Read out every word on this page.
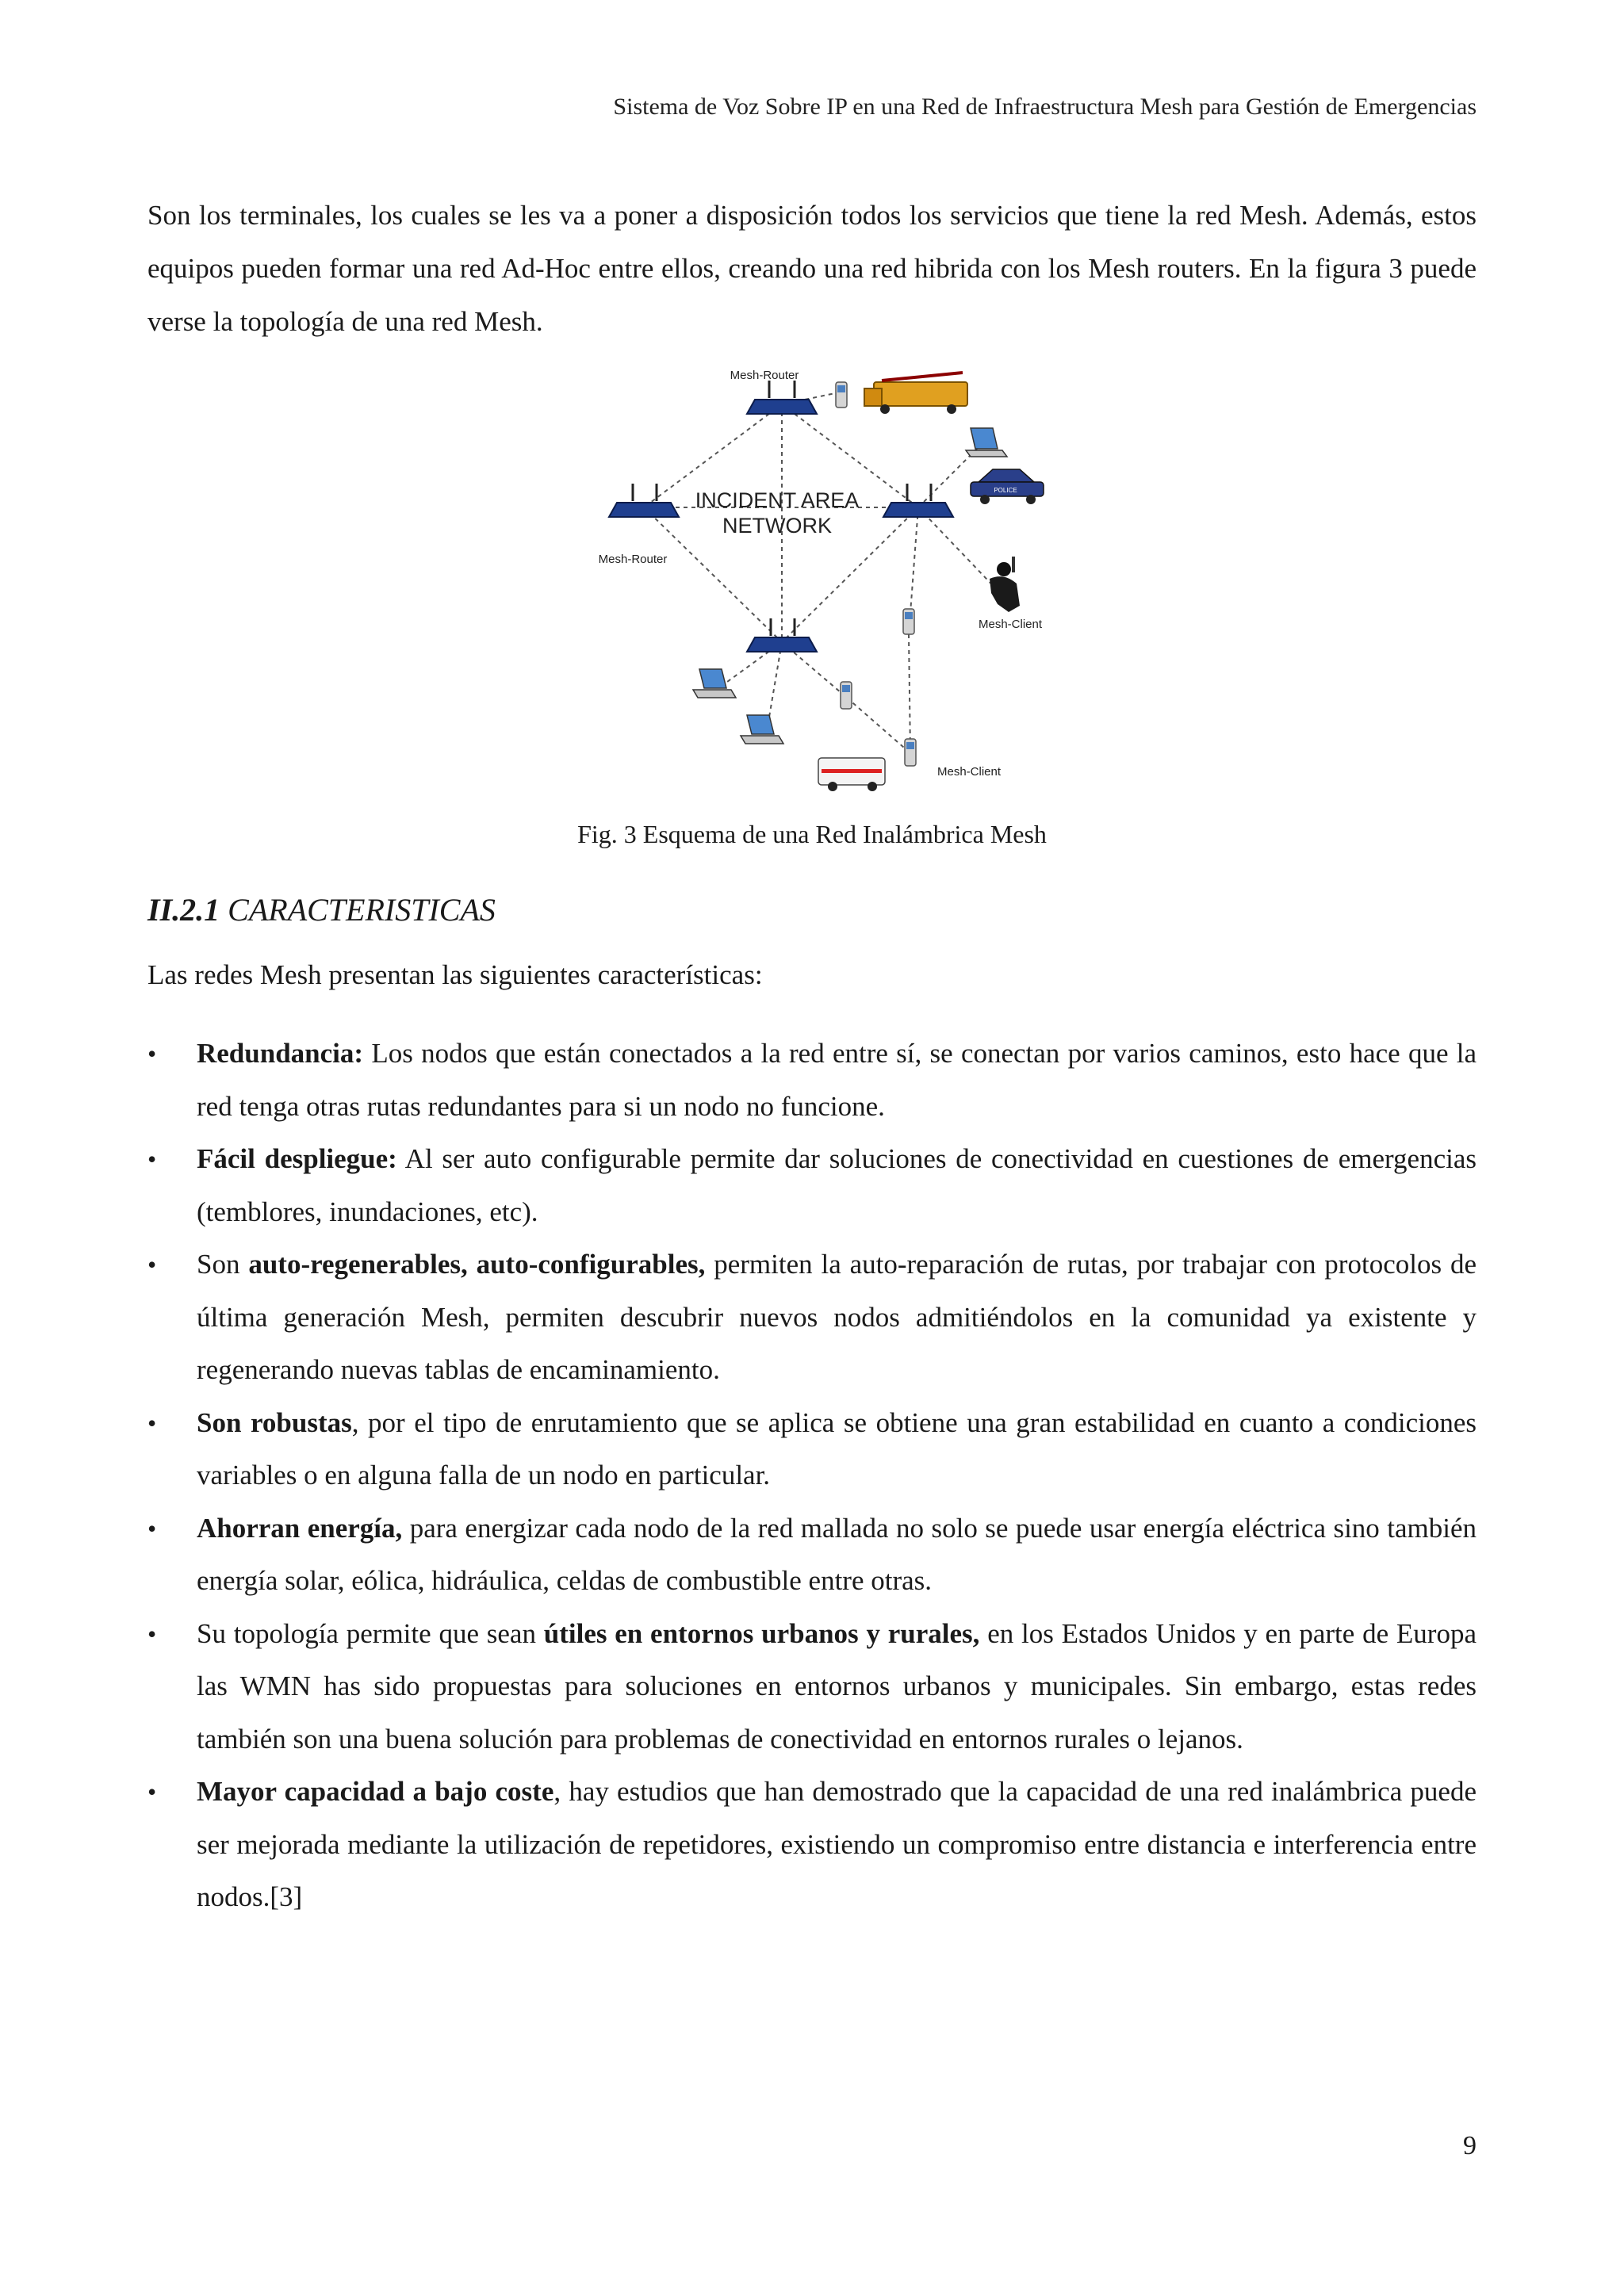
Sistema de Voz Sobre IP en una Red de Infraestructura Mesh para Gestión de Emergencias

Son los terminales, los cuales se les va a poner a disposición todos los servicios que tiene la red Mesh. Además, estos equipos pueden formar una red Ad-Hoc entre ellos, creando una red hibrida con los Mesh routers. En la figura 3 puede verse la topología de una red Mesh.

POLICE
Mesh-Router
Mesh-Router
INCIDENT AREA
NETWORK
Mesh-Client
Mesh-Client
Fig. 3 Esquema de una Red Inalámbrica Mesh
II.2.1 CARACTERISTICAS
Las redes Mesh presentan las siguientes características:
• Redundancia: Los nodos que están conectados a la red entre sí, se conectan por varios caminos, esto hace que la red tenga otras rutas redundantes para si un nodo no funcione.
• Fácil despliegue: Al ser auto configurable permite dar soluciones de conectividad en cuestiones de emergencias (temblores, inundaciones, etc).
• Son auto-regenerables, auto-configurables, permiten la auto-reparación de rutas, por trabajar con protocolos de última generación Mesh, permiten descubrir nuevos nodos admitiéndolos en la comunidad ya existente y regenerando nuevas tablas de encaminamiento.
• Son robustas, por el tipo de enrutamiento que se aplica se obtiene una gran estabilidad en cuanto a condiciones variables o en alguna falla de un nodo en particular.
• Ahorran energía, para energizar cada nodo de la red mallada no solo se puede usar energía eléctrica sino también energía solar, eólica, hidráulica, celdas de combustible entre otras.
• Su topología permite que sean útiles en entornos urbanos y rurales, en los Estados Unidos y en parte de Europa las WMN has sido propuestas para soluciones en entornos urbanos y municipales. Sin embargo, estas redes también son una buena solución para problemas de conectividad en entornos rurales o lejanos.
• Mayor capacidad a bajo coste, hay estudios que han demostrado que la capacidad de una red inalámbrica puede ser mejorada mediante la utilización de repetidores, existiendo un compromiso entre distancia e interferencia entre nodos.[3]
9
